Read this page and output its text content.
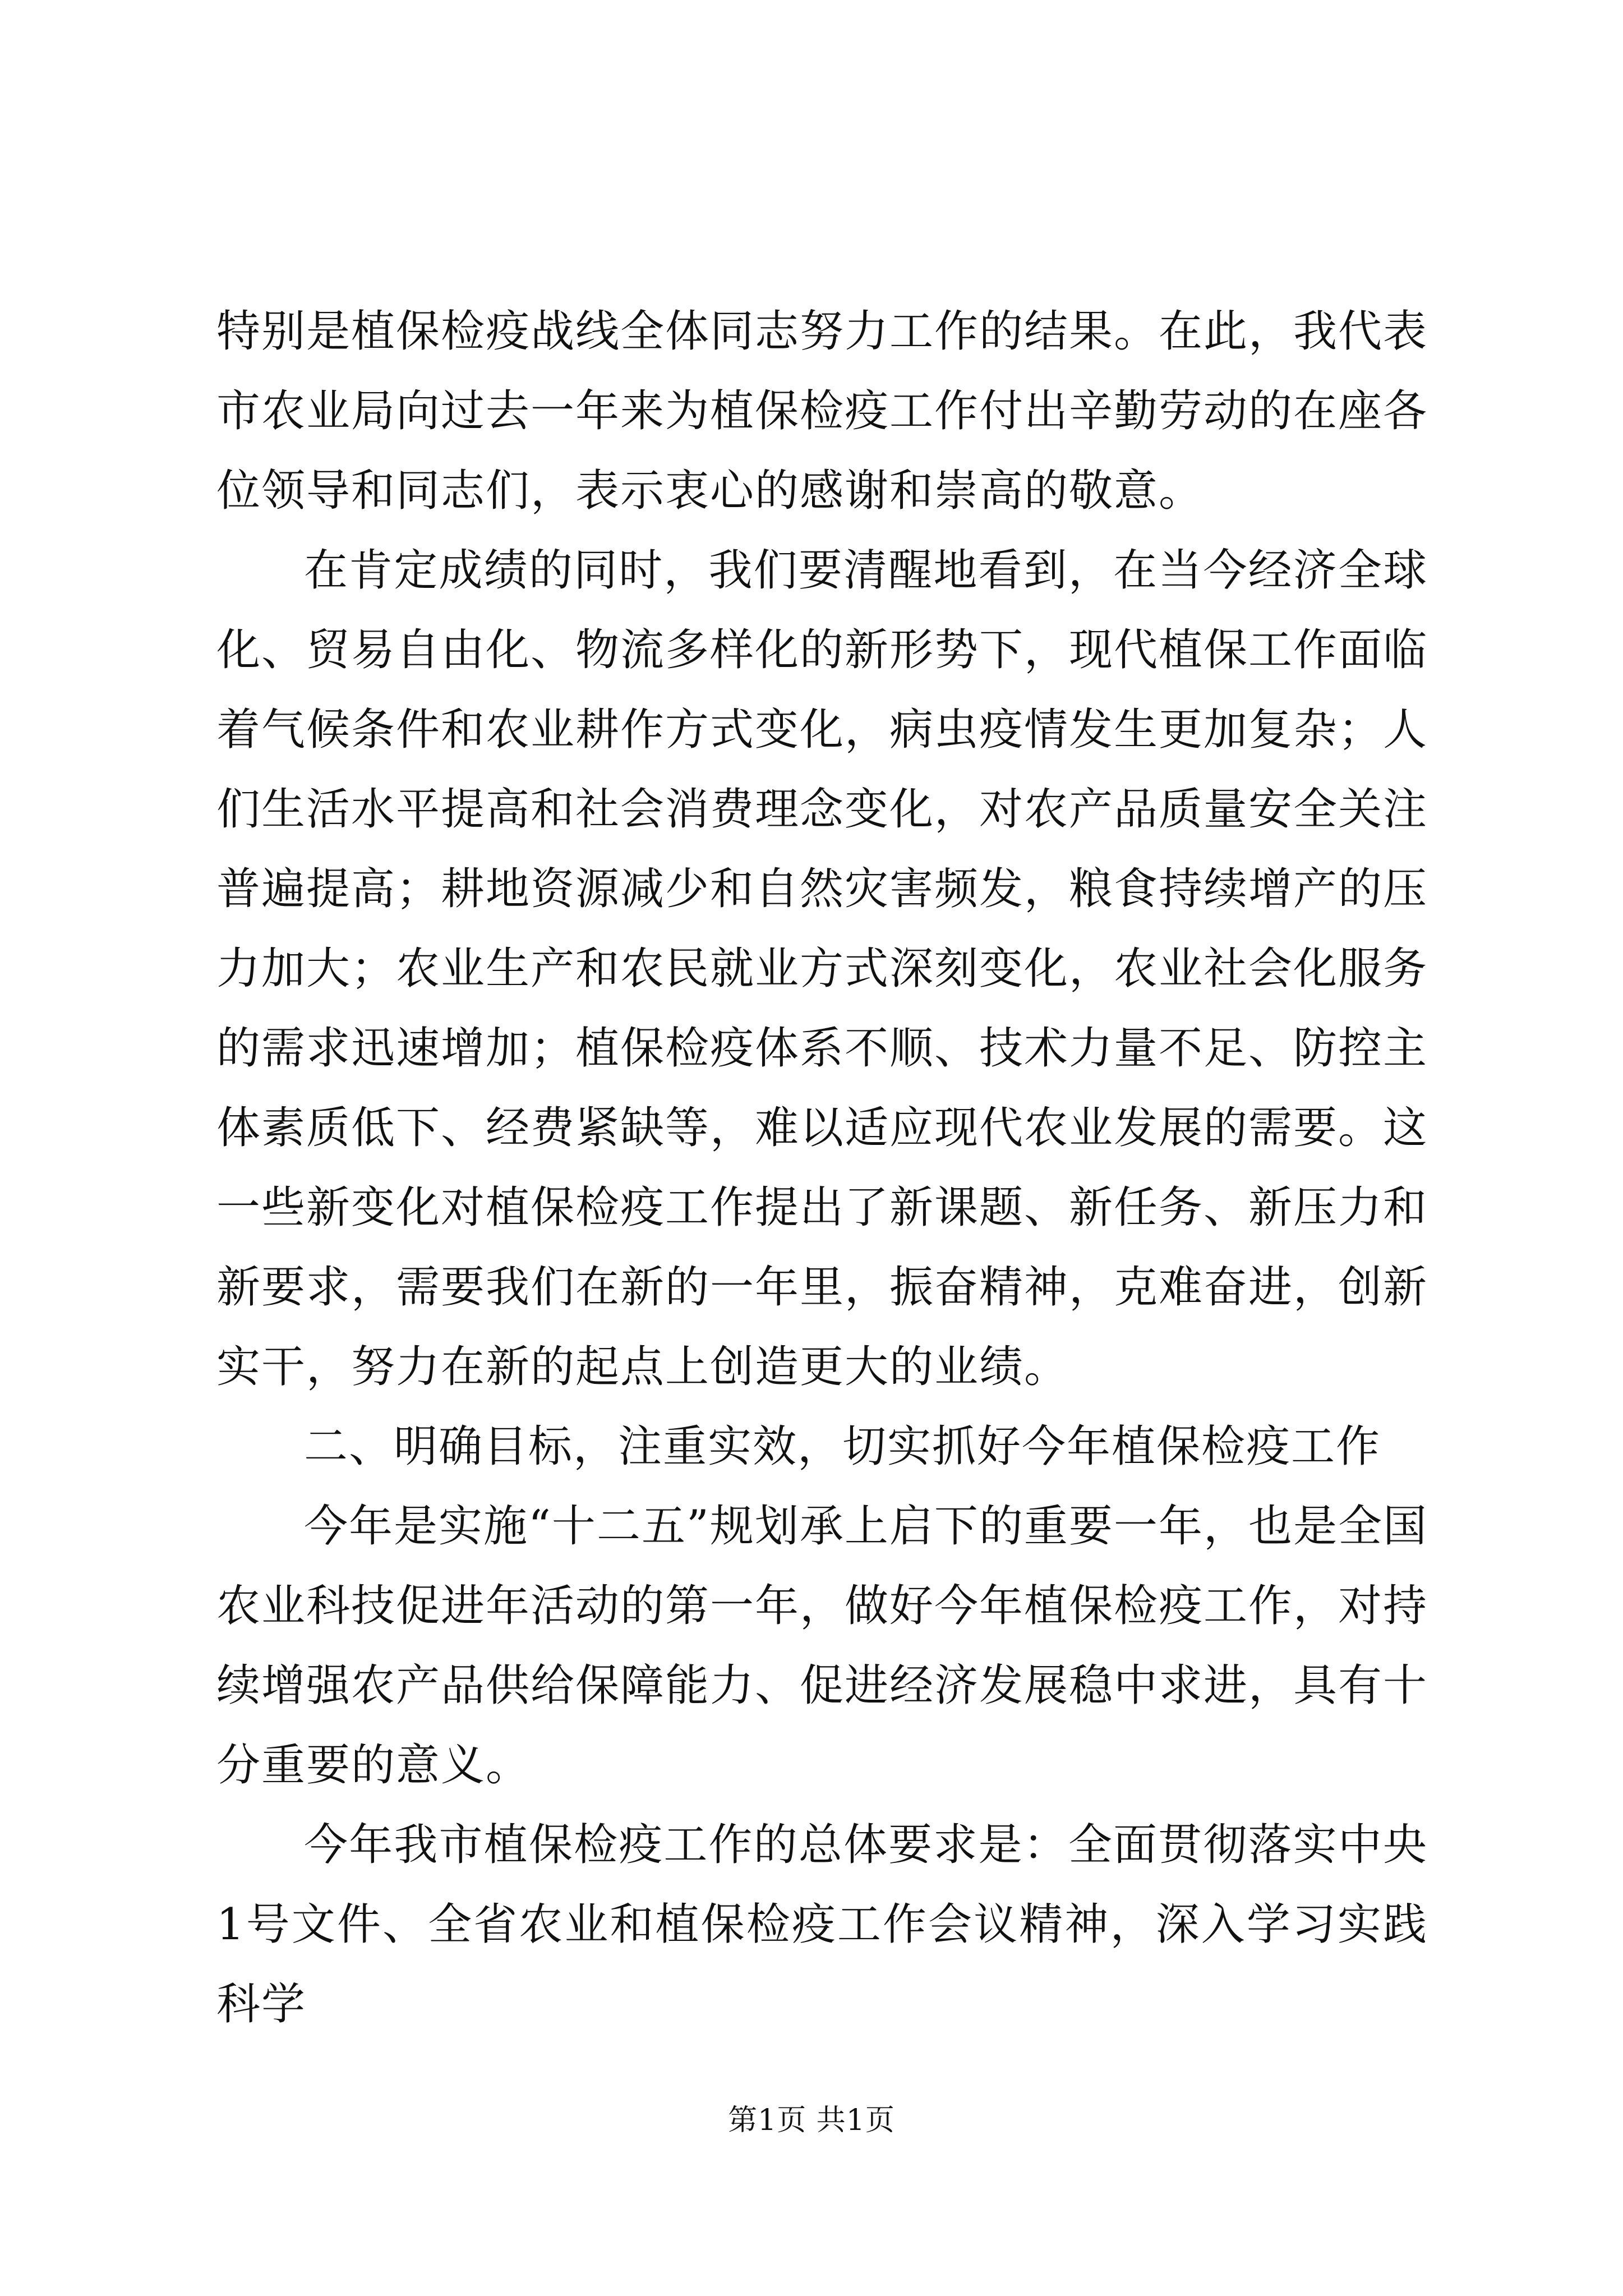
特别是植保检疫战线全体同志努力工作的结果。在此，我代表市农业局向过去一年来为植保检疫工作付出辛勤劳动的在座各位领导和同志们，表示衷心的感谢和崇高的敬意。

在肯定成绩的同时，我们要清醒地看到，在当今经济全球化、贸易自由化、物流多样化的新形势下，现代植保工作面临着气候条件和农业耕作方式变化，病虫疫情发生更加复杂；人们生活水平提高和社会消费理念变化，对农产品质量安全关注普遍提高；耕地资源减少和自然灾害频发，粮食持续增产的压力加大；农业生产和农民就业方式深刻变化，农业社会化服务的需求迅速增加；植保检疫体系不顺、技术力量不足、防控主体素质低下、经费紧缺等，难以适应现代农业发展的需要。这一些新变化对植保检疫工作提出了新课题、新任务、新压力和新要求，需要我们在新的一年里，振奋精神，克难奋进，创新实干，努力在新的起点上创造更大的业绩。

二、明确目标，注重实效，切实抓好今年植保检疫工作

今年是实施“十二五”规划承上启下的重要一年，也是全国农业科技促进年活动的第一年，做好今年植保检疫工作，对持续增强农产品供给保障能力、促进经济发展稳中求进，具有十分重要的意义。

今年我市植保检疫工作的总体要求是：全面贯彻落实中央1号文件、全省农业和植保检疫工作会议精神，深入学习实践科学

第1页 共1页
